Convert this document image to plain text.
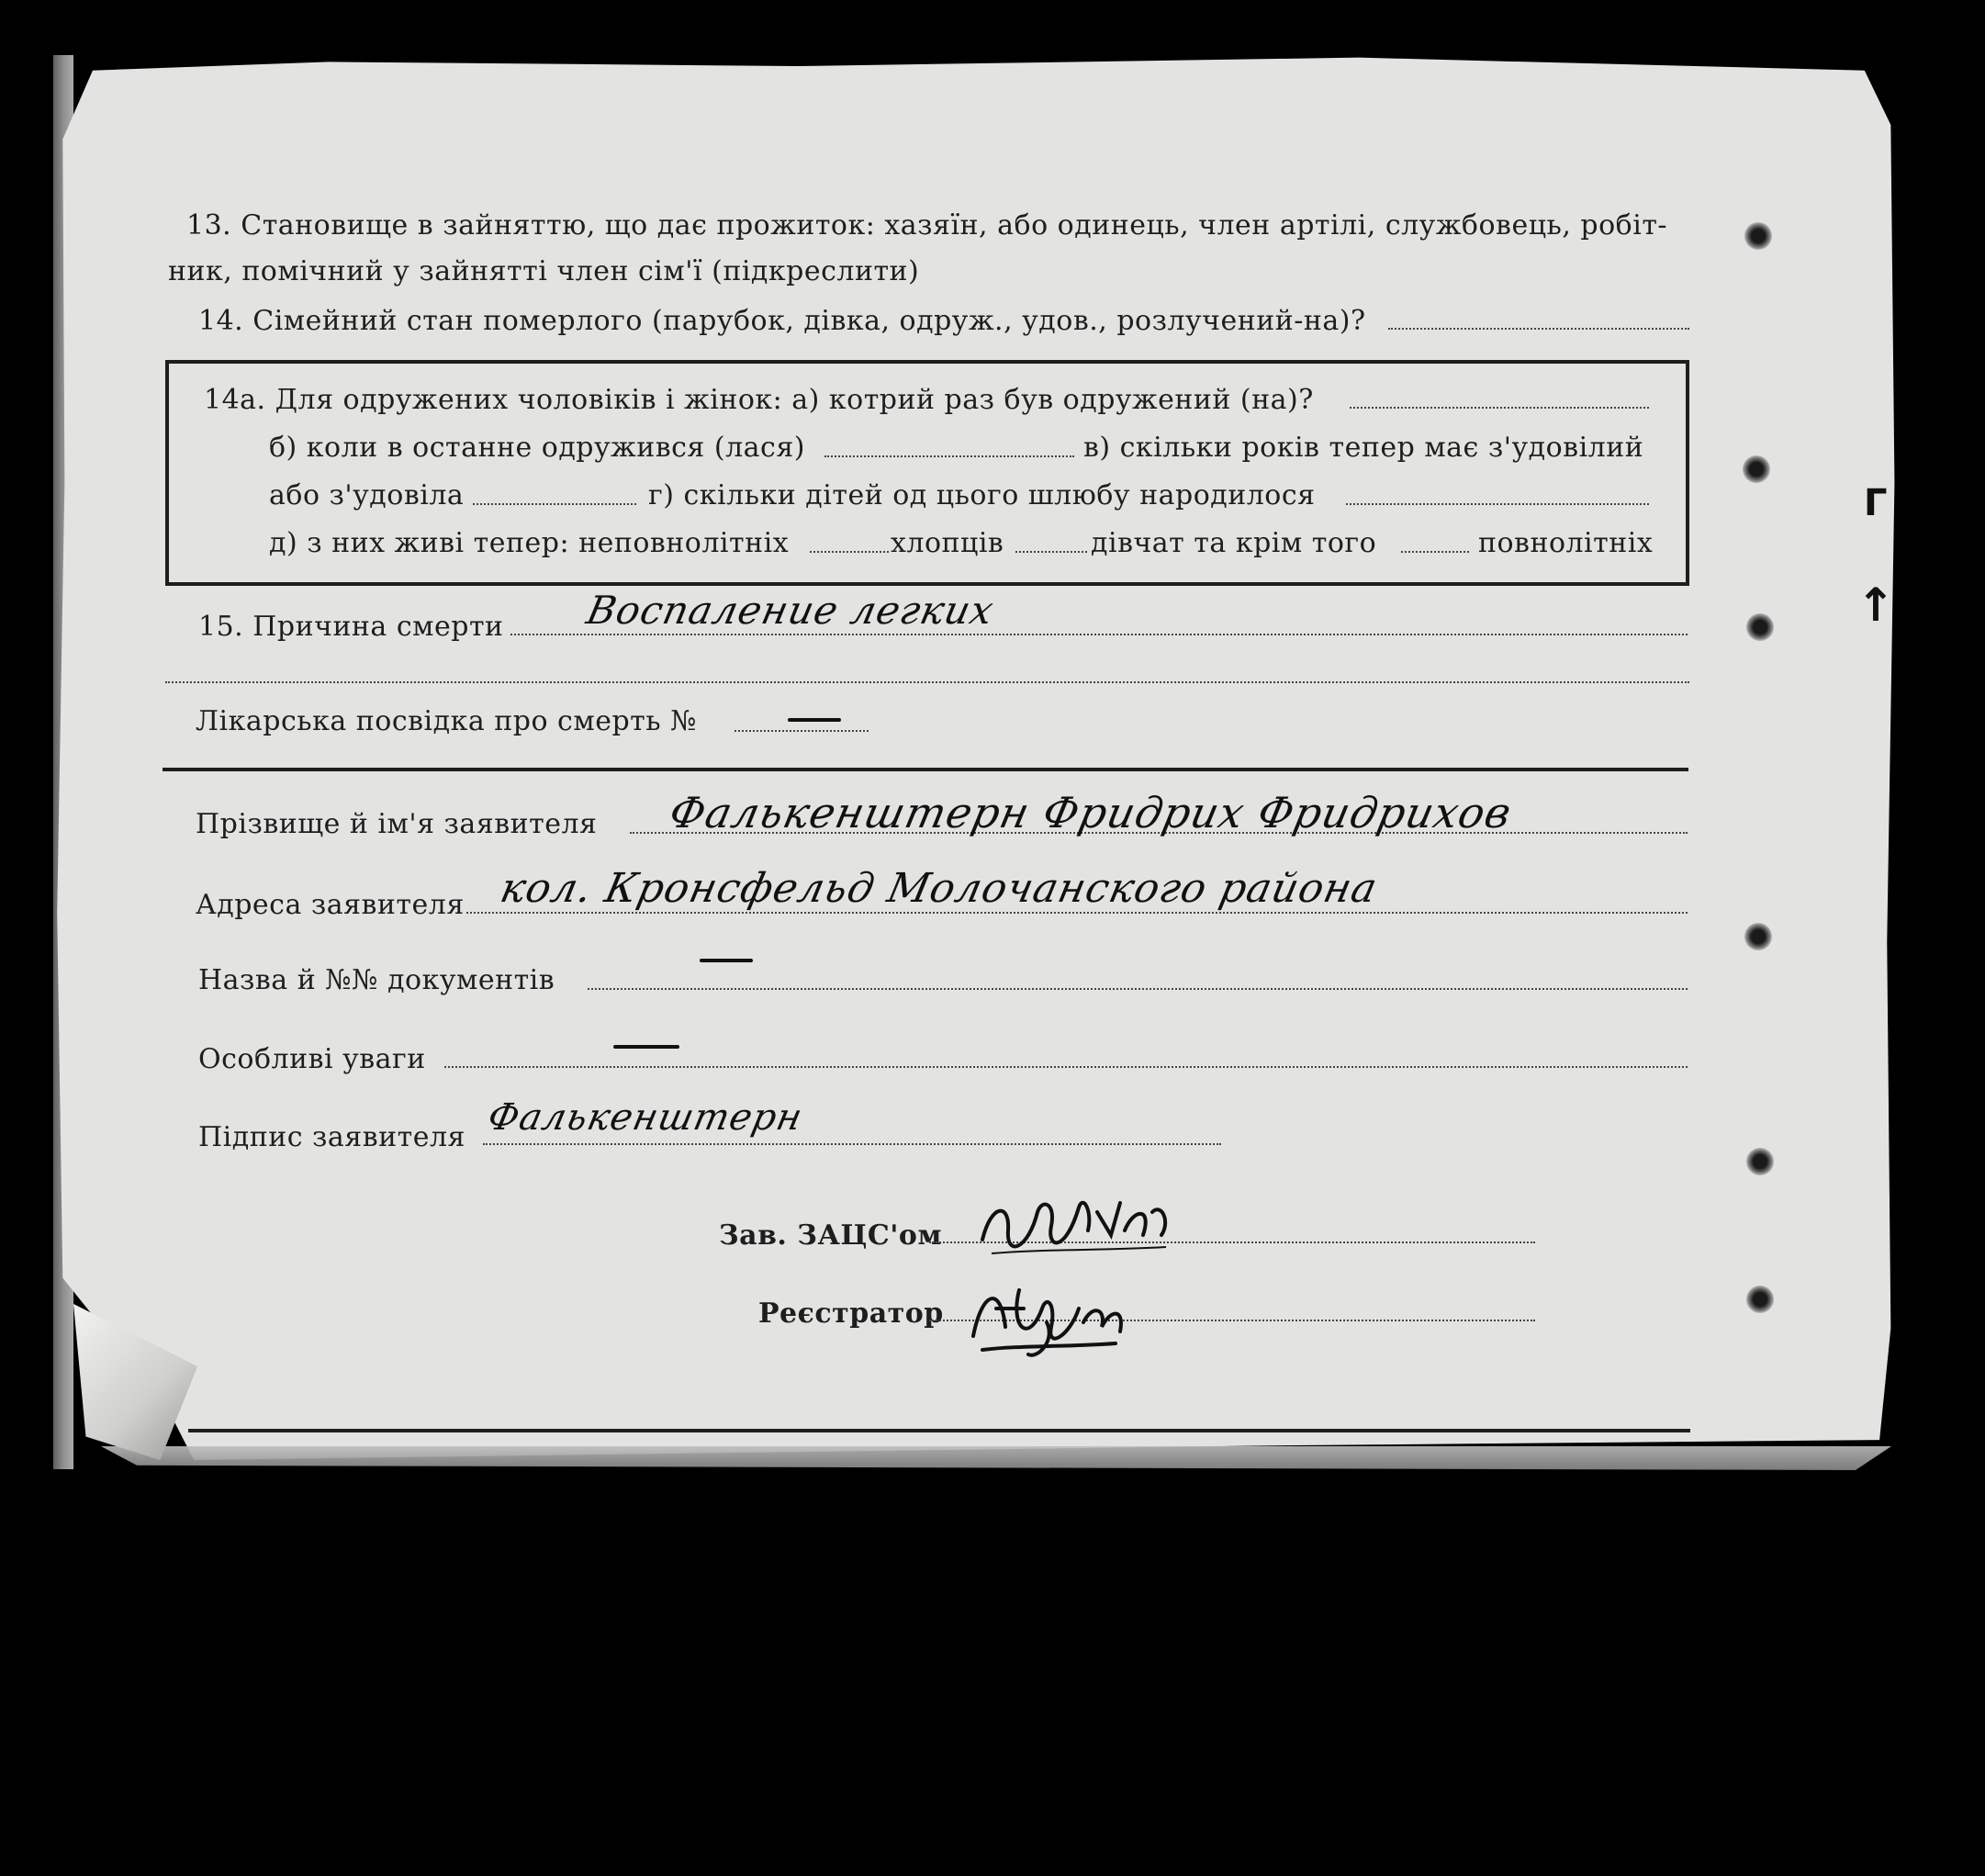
Г
↑
13. Становище в зайняттю, що дає прожиток: хазяїн, або одинець, член артілі, службовець, робіт-
ник, помічний у зайнятті член сім'ї (підкреслити)
14. Сімейний стан померлого (парубок, дівка, одруж., удов., розлучений-на)?
14а. Для одружених чоловіків і жінок: а) котрий раз був одружений (на)?
б) коли в останне одружився (лася)	в) скільки років тепер має з'удовілий
або з'удовіла	г) скільки дітей од цього шлюбу народилося
д) з них живі тепер: неповнолітніх	хлопців	дівчат та крім того	повнолітніх
15. Причина смерти Воспаление легких
Лікарська посвідка про смерть №
Прізвище й ім'я заявителя Фалькенштерн Фридрих Фридрихов
Адреса заявителя кол. Кронсфельд Молочанского района
Назва й №№ документів
Особливі уваги
Підпис заявителя Фалькенштерн
Зав. ЗАЦС'ом
Реєстратор
